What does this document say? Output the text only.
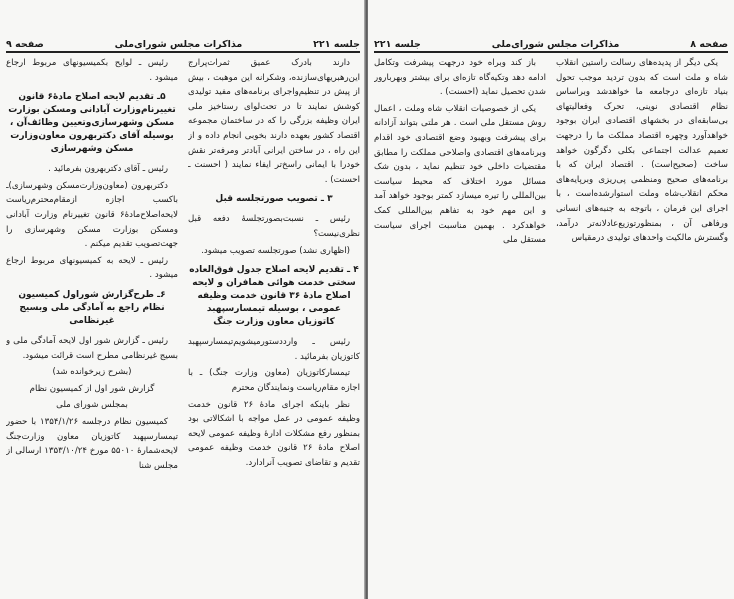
جلسه ۲۲۱
مذاکرات مجلس شورای‌ملی
صفحه ۹

دارند بادرک عمیق ثمرات‌پرارج این‌رهبریهای‌سازنده، وشکرانه این موهبت ، بیش از پیش در تنظیم‌واجرای برنامه‌های مفید تولیدی کوشش نمایند تا در تحت‌لوای رستاخیز ملی ایران وظیفه بزرگی را که در ساختمان مجموعه اقتصاد کشور بعهده دارند بخوبی انجام داده و از این راه ، در ساختن ایرانی آبادتر ومرفه‌تر نقش خودرا با ایمانی راسخ‌تر ایفاء نمایند ( احسنت ـ احسنت) .

۳ ـ تصویب صورتجلسه قبل

رئیس ـ نسبت‌بصورتجلسهٔ دفعه قبل نظری‌نیست؟

(اظهاری نشد) صورتجلسه تصویب میشود.

۴ ـ تقدیم لایحه اصلاح جدول فوق‌العاده سختی خدمت هوائی همافران و لایحه اصلاح مادهٔ ۳۶ قانون خدمت وظیفه عمومی ، بوسیله تیمسارسپهبد کاتوزیان معاون وزارت جنگ

رئیس ـ وارد‌دستور‌میشویم‌تیمسارسپهبد کاتوزیان بفرمائید .

تیمسارکاتوزیان (معاون وزارت جنگ) ـ با اجازه مقام‌ریاست ونمایندگان محترم

نظر باینکه اجرای مادهٔ ۲۶ قانون خدمت وظیفه عمومی در عمل مواجه با اشکالاتی بود بمنظور رفع مشکلات ادارهٔ وظیفه عمومی لایحه اصلاح مادهٔ ۲۶ قانون خدمت وظیفه عمومی تقدیم و تقاضای تصویب آنرادارد.

رئیس ـ لوایح بکمیسیونهای مربوط ارجاع میشود .

۵ـ تقدیم لایحه اصلاح مادهٔ۶ قانون تغییرنام‌وزارت آبادانی ومسکن بوزارت مسکن وشهرسازی‌وتعیین وظائف‌آن ، بوسیله آقای دکتربهرون معاون‌وزارت مسکن وشهرسازی

رئیس ـ آقای دکتربهرون بفرمائید .

دکتربهرون (معاون‌وزارت‌مسکن وشهرسازی)ـ باکسب اجازه ازمقام‌محترم‌ریاست لایحه‌اصلاح‌مادهٔ۶ قانون تغییرنام وزارت آبادانی ومسکن بوزارت مسکن وشهرسازی را جهت‌تصویب تقدیم میکنم .

رئیس ـ لایحه به کمیسیونهای مربوط ارجاع میشود .

۶ـ طرح‌گزارش شوراول کمیسیون نظام راجع به آمادگی ملی وبسیج غیرنظامی

رئیس ـ گزارش شور اول لایحه آمادگی ملی و بسیج غیرنظامی مطرح است قرائت میشود.

(بشرح زیرخوانده شد)

گزارش شور اول از کمیسیون نظام

بمجلس شورای ملی

کمیسیون نظام درجلسه ۱۳۵۴/۱/۲۶ با حضور تیمسارسپهبد کاتوزیان معاون وزارت‌جنگ لایحه‌شمارهٔ ۵۵۰۱۰ مورخ ۱۳۵۳/۱۰/۲۴ ارسالی از مجلس‌ شنا

صفحه ۸
مذاکرات مجلس شورای‌ملی
جلسه ۲۲۱

یکی دیگر از پدیده‌های رسالت راستین انقلاب شاه و ملت است که بدون تردید موجب تحول بنیاد تازه‌ای درجامعه ما خواهدشد وبراساس نظام اقتصادی نوینی، تحرک وفعالیتهای بی‌سابقه‌ای در بخشهای اقتصادی ایران بوجود خواهدآورد وچهره اقتصاد مملکت ما را درجهت تعمیم عدالت اجتماعی بکلی دگرگون خواهد ساخت (صحیح‌است) . اقتصاد ایران که با برنامه‌های صحیح ومنظمی پی‌ریزی وبرپایه‌های محکم انقلاب‌شاه وملت استوارشده‌است ، با اجرای این فرمان ، باتوجه به جنبه‌های انسانی ورفاهی آن ، بمنظورتوزیع‌عادلانه‌تر درآمد، وگسترش مالکیت واحدهای تولیدی درمقیاس

باز کند وبراه خود درجهت پیشرفت وتکامل ادامه دهد وتکیه‌گاه تازه‌ای برای بیشتر وبهربارور شدن تحصیل نماید (احسنت) .

یکی از خصوصیات انقلاب شاه وملت ، اعمال روش مستقل ملی است . هر ملتی بتواند آزادانه برای پیشرفت وبهبود وضع اقتصادی خود اقدام وبرنامه‌های اقتصادی واصلاحی مملکت را مطابق مقتضیات داخلی خود تنظیم نماید ، بدون شک مسائل مورد اختلاف که محیط سیاست بین‌المللی را تیره میسازد کمتر بوجود خواهد آمد و این مهم خود به تفاهم بین‌المللی کمک خواهدکرد . بهمین مناسبت اجرای سیاست مستقل ملی
